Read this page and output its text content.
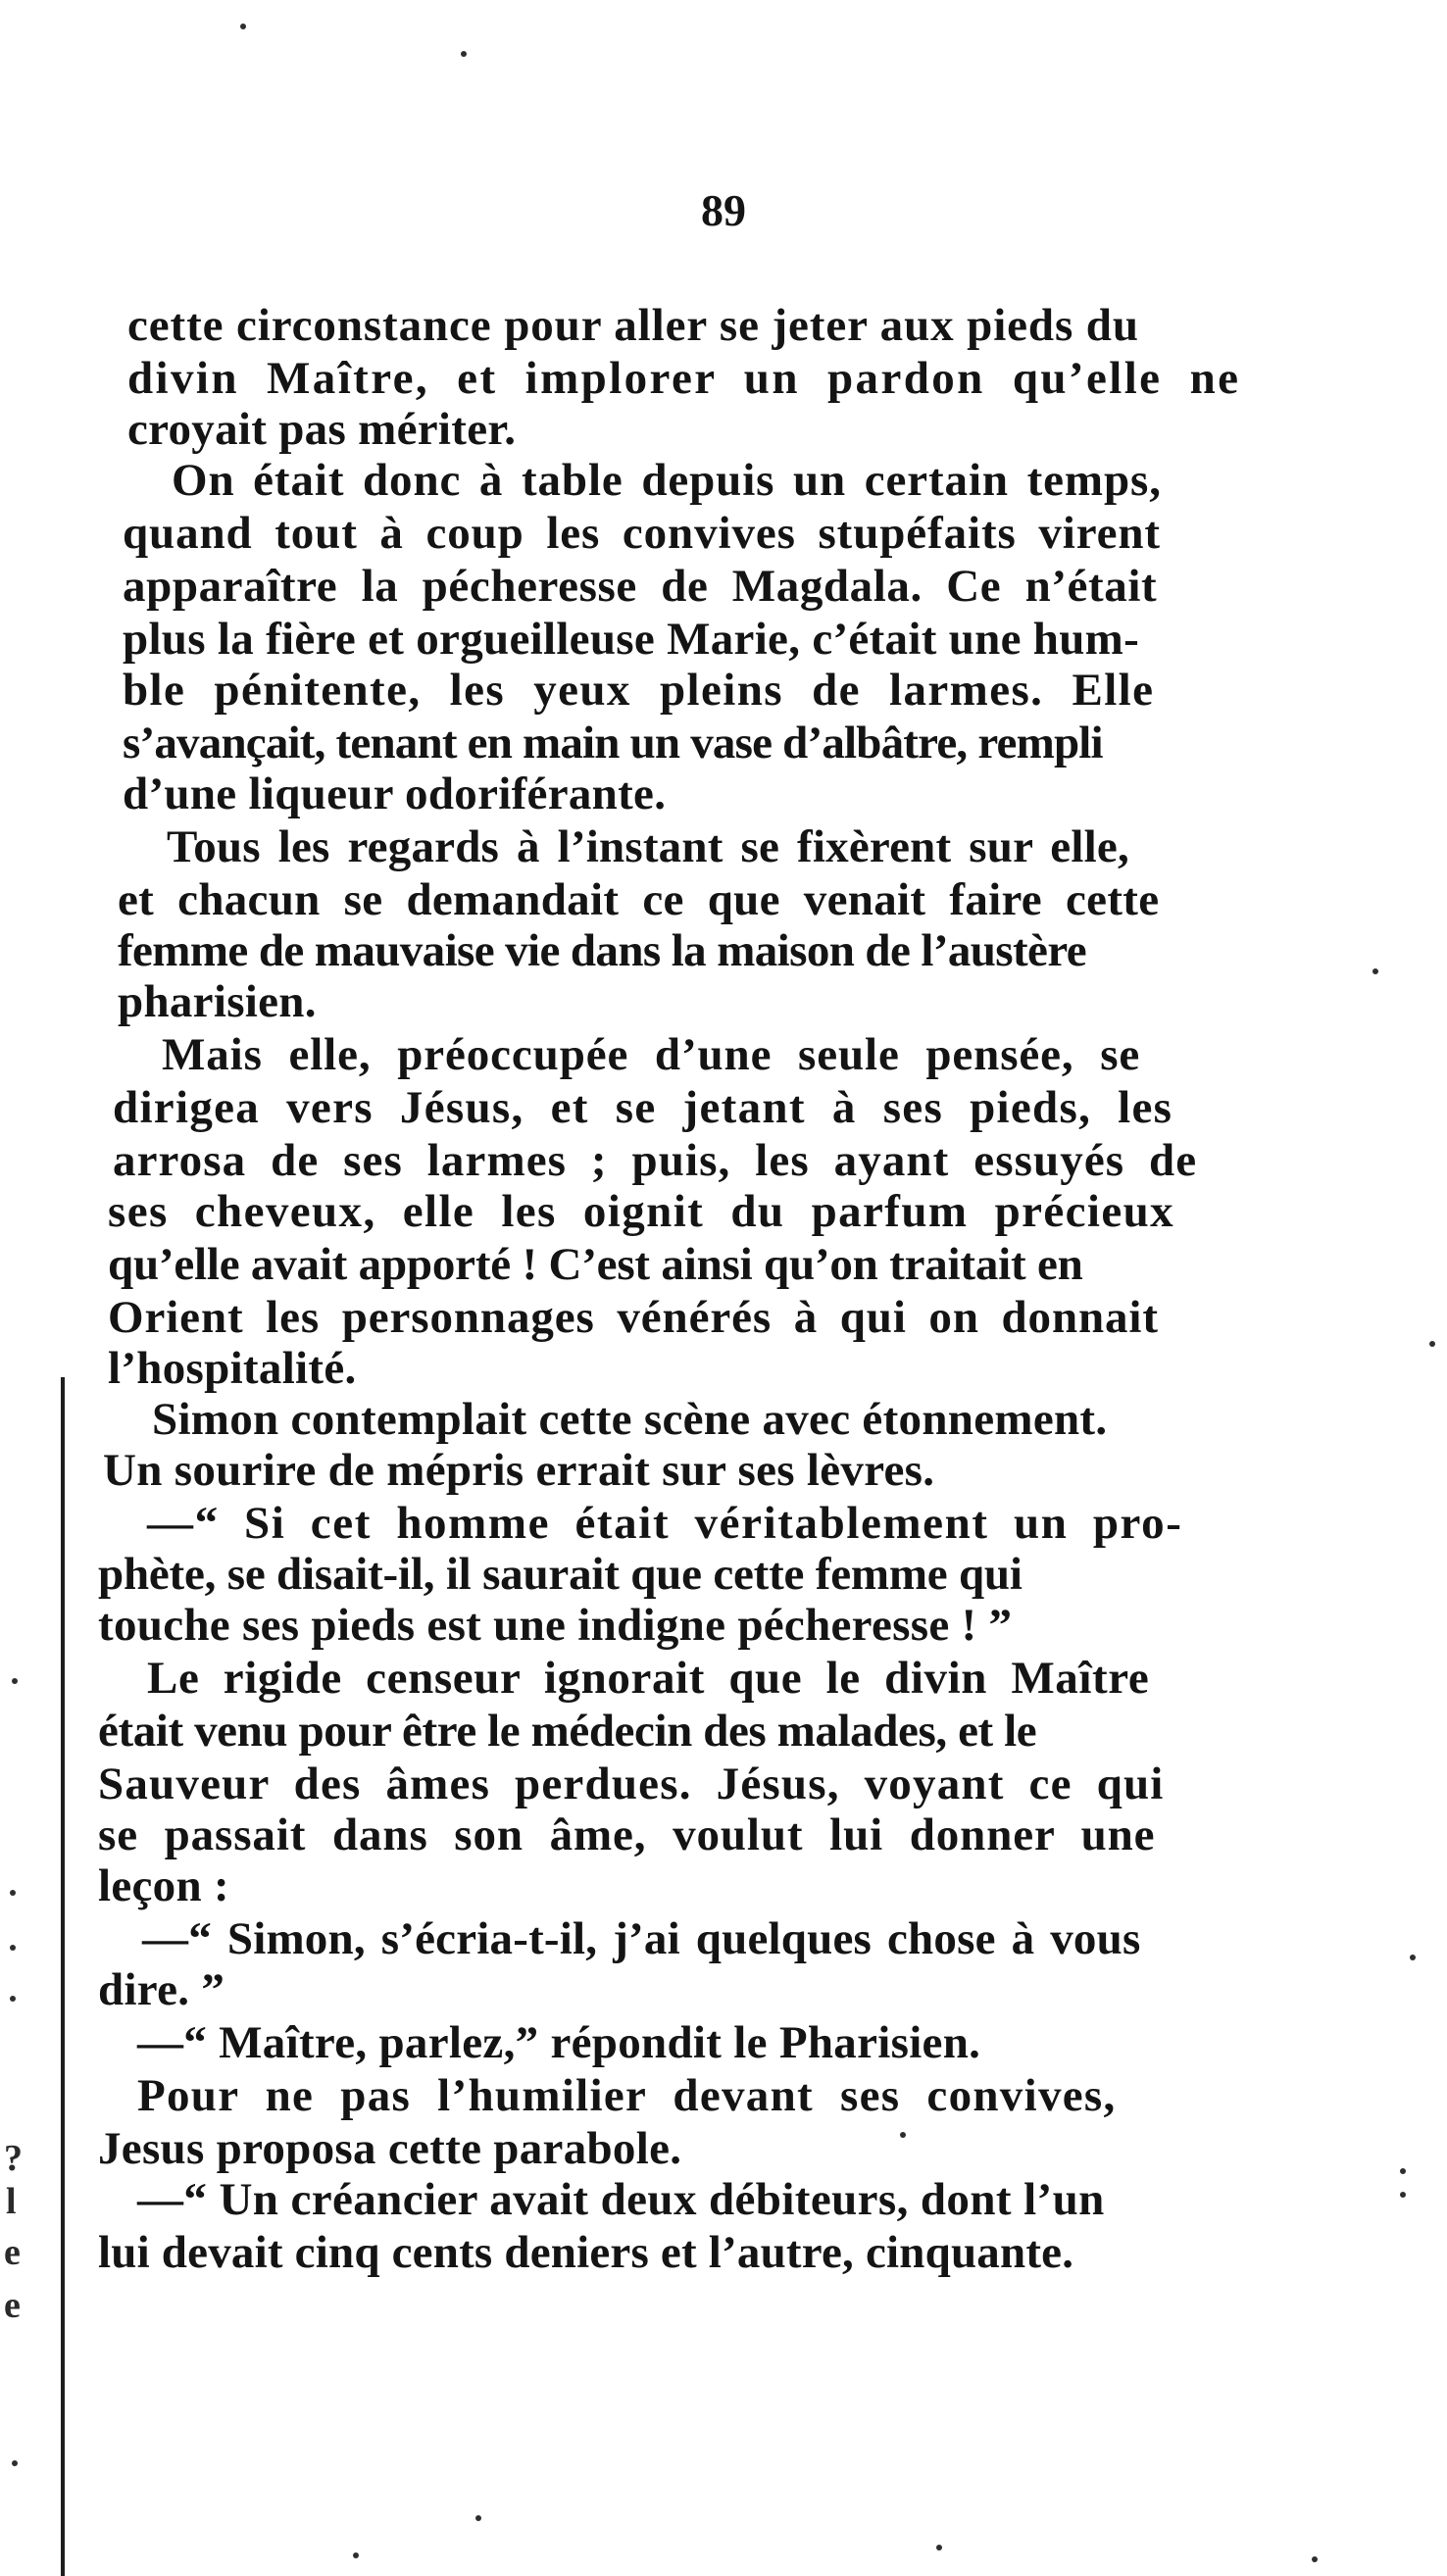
89

cette circonstance pour aller se jeter aux pieds du

divin Maître, et implorer un pardon qu’elle ne

croyait pas mériter.

On était donc à table depuis un certain temps,

quand tout à coup les convives stupéfaits virent

apparaître la pécheresse de Magdala. Ce n’était

plus la fière et orgueilleuse Marie, c’était une hum-

ble pénitente, les yeux pleins de larmes. Elle

s’avançait, tenant en main un vase d’albâtre, rempli

d’une liqueur odoriférante.

Tous les regards à l’instant se fixèrent sur elle,

et chacun se demandait ce que venait faire cette

femme de mauvaise vie dans la maison de l’austère

pharisien.

Mais elle, préoccupée d’une seule pensée, se

dirigea vers Jésus, et se jetant à ses pieds, les

arrosa de ses larmes ; puis, les ayant essuyés de

ses cheveux, elle les oignit du parfum précieux

qu’elle avait apporté ! C’est ainsi qu’on traitait en

Orient les personnages vénérés à qui on donnait

l’hospitalité.

Simon contemplait cette scène avec étonnement.

Un sourire de mépris errait sur ses lèvres.

—“ Si cet homme était véritablement un pro-

phète, se disait-il, il saurait que cette femme qui

touche ses pieds est une indigne pécheresse ! ”

Le rigide censeur ignorait que le divin Maître

était venu pour être le médecin des malades, et le

Sauveur des âmes perdues. Jésus, voyant ce qui

se passait dans son âme, voulut lui donner une

leçon :

—“ Simon, s’écria-t-il, j’ai quelques chose à vous

dire. ”

—“ Maître, parlez,” répondit le Pharisien.

Pour ne pas l’humilier devant ses convives,

Jesus proposa cette parabole.

—“ Un créancier avait deux débiteurs, dont l’un

lui devait cinq cents deniers et l’autre, cinquante.

?

l

e

e
